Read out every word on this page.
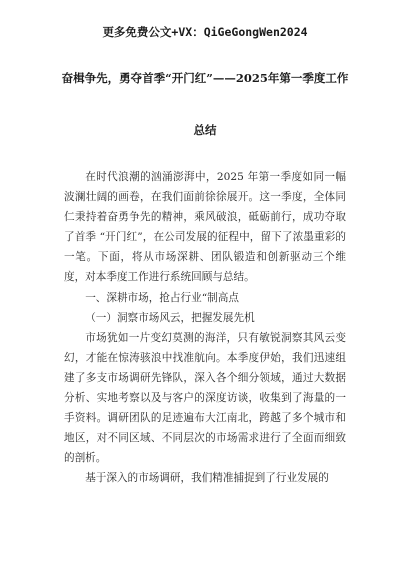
更多免费公文+VX：QiGeGongWen2024
奋楫争先，勇夺首季“开门红”——2025年第一季度工作
总结

在时代浪潮的汹涌澎湃中，2025 年第一季度如同一幅波澜壮阔的画卷，在我们面前徐徐展开。这一季度，全体同仁秉持着奋勇争先的精神，乘风破浪，砥砺前行，成功夺取了首季 “开门红”，在公司发展的征程中，留下了浓墨重彩的一笔。下面，将从市场深耕、团队锻造和创新驱动三个维度，对本季度工作进行系统回顾与总结。

一、深耕市场，抢占行业“制高点

（一）洞察市场风云，把握发展先机

市场犹如一片变幻莫测的海洋，只有敏锐洞察其风云变幻，才能在惊涛骇浪中找准航向。本季度伊始，我们迅速组建了多支市场调研先锋队，深入各个细分领域，通过大数据分析、实地考察以及与客户的深度访谈，收集到了海量的一手资料。调研团队的足迹遍布大江南北，跨越了多个城市和地区，对不同区域、不同层次的市场需求进行了全面而细致的剖析。

基于深入的市场调研，我们精准捕捉到了行业发展的
